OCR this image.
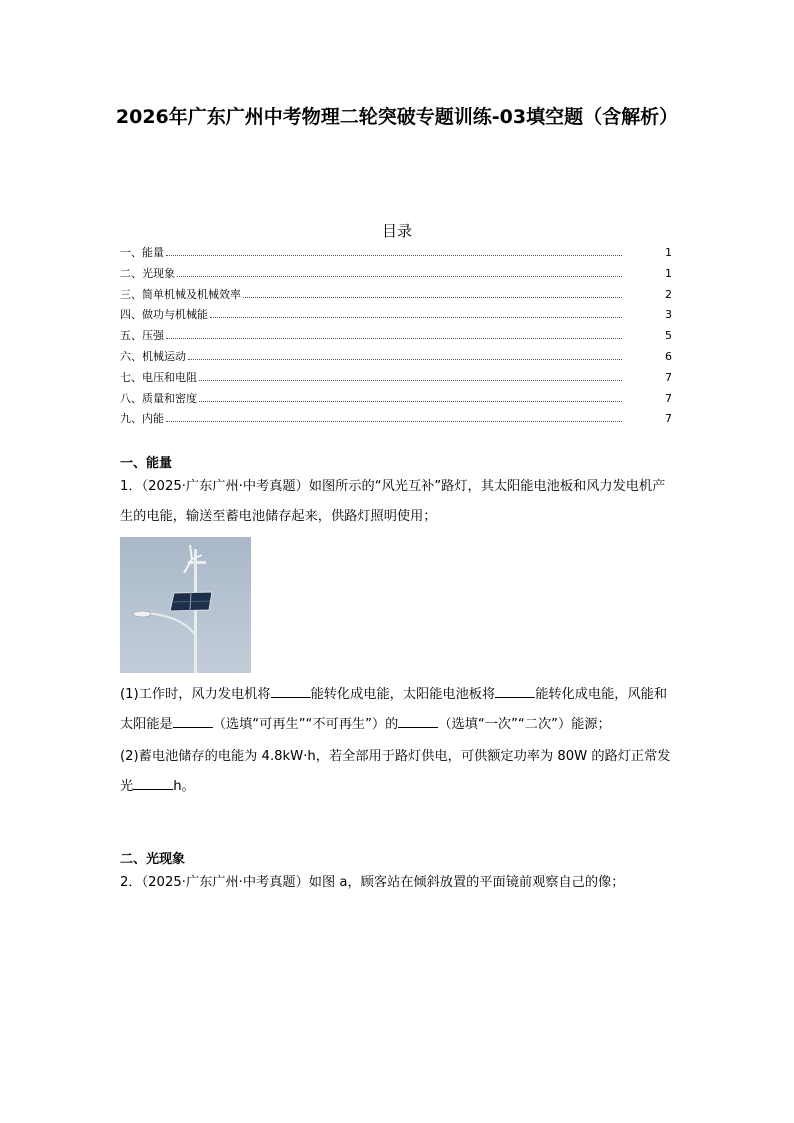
2026年广东广州中考物理二轮突破专题训练-03填空题（含解析）
目录
一、能量	1
二、光现象	1
三、简单机械及机械效率	2
四、做功与机械能	3
五、压强	5
六、机械运动	6
七、电压和电阻	7
八、质量和密度	7
九、内能	7
一、能量
1．（2025·广东广州·中考真题）如图所示的“风光互补”路灯，其太阳能电池板和风力发电机产生的电能，输送至蓄电池储存起来，供路灯照明使用；
(1)工作时，风力发电机将	能转化成电能，太阳能电池板将	能转化成电能，风能和太阳能是	（选填“可再生”“不可再生”）的	（选填“一次”“二次”）能源；
(2)蓄电池储存的电能为 4.8kW·h，若全部用于路灯供电，可供额定功率为 80W 的路灯正常发光	h。
二、光现象
2．（2025·广东广州·中考真题）如图 a，顾客站在倾斜放置的平面镜前观察自己的像；
